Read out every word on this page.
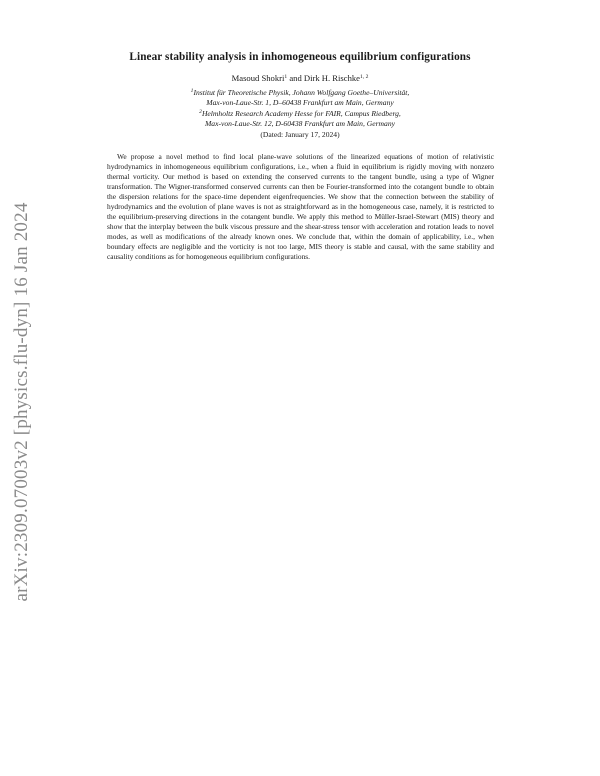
arXiv:2309.07003v2 [physics.flu-dyn] 16 Jan 2024
Linear stability analysis in inhomogeneous equilibrium configurations
Masoud Shokri$^1$ and Dirk H. Rischke$^{1, 2}$
$^1$Institut für Theoretische Physik, Johann Wolfgang Goethe–Universität,
Max-von-Laue-Str. 1, D–60438 Frankfurt am Main, Germany
$^2$Helmholtz Research Academy Hesse for FAIR, Campus Riedberg,
Max-von-Laue-Str. 12, D-60438 Frankfurt am Main, Germany
(Dated: January 17, 2024)
We propose a novel method to find local plane-wave solutions of the linearized equations of motion of relativistic hydrodynamics in inhomogeneous equilibrium configurations, i.e., when a fluid in equilibrium is rigidly moving with nonzero thermal vorticity. Our method is based on extending the conserved currents to the tangent bundle, using a type of Wigner transformation. The Wigner-transformed conserved currents can then be Fourier-transformed into the cotangent bundle to obtain the dispersion relations for the space-time dependent eigenfrequencies. We show that the connection between the stability of hydrodynamics and the evolution of plane waves is not as straightforward as in the homogeneous case, namely, it is restricted to the equilibrium-preserving directions in the cotangent bundle. We apply this method to Müller-Israel-Stewart (MIS) theory and show that the interplay between the bulk viscous pressure and the shear-stress tensor with acceleration and rotation leads to novel modes, as well as modifications of the already known ones. We conclude that, within the domain of applicability, i.e., when boundary effects are negligible and the vorticity is not too large, MIS theory is stable and causal, with the same stability and causality conditions as for homogeneous equilibrium configurations.
